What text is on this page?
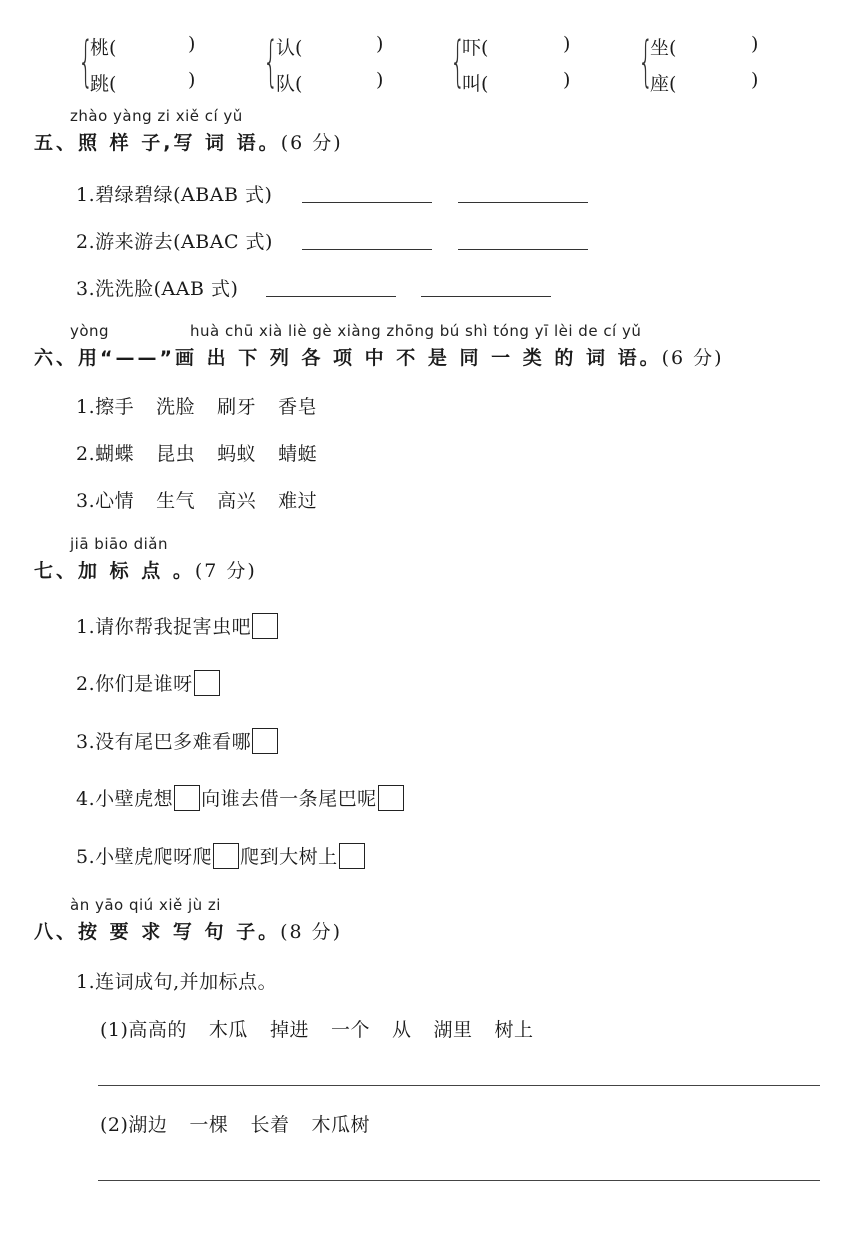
{
桃(	)
跳(	) {
认(	)
队(	) {
吓(	)
叫(	) {
坐(	)
座(	)
zhào yàng zi xiě cí yǔ
五、照 样 子,写 词 语。(6 分)
1.碧绿碧绿(ABAB 式)
2.游来游去(ABAC 式)
3.洗洗脸(AAB 式)
yòng	huà chū xià liè gè xiàng zhōng bú shì tóng yī lèi de cí yǔ
六、用“——”画 出 下 列 各 项 中 不 是 同 一 类 的 词 语。(6 分)
1.擦手 洗脸 刷牙 香皂
2.蝴蝶 昆虫 蚂蚁 蜻蜓
3.心情 生气 高兴 难过
jiā biāo diǎn
七、加 标 点 。(7 分)
1.请你帮我捉害虫吧
2.你们是谁呀
3.没有尾巴多难看哪
4.小壁虎想 向谁去借一条尾巴呢
5.小壁虎爬呀爬 爬到大树上
àn yāo qiú xiě jù zi
八、按 要 求 写 句 子。(8 分)
1.连词成句,并加标点。
(1)高高的 木瓜 掉进 一个 从 湖里 树上
(2)湖边 一棵 长着 木瓜树
